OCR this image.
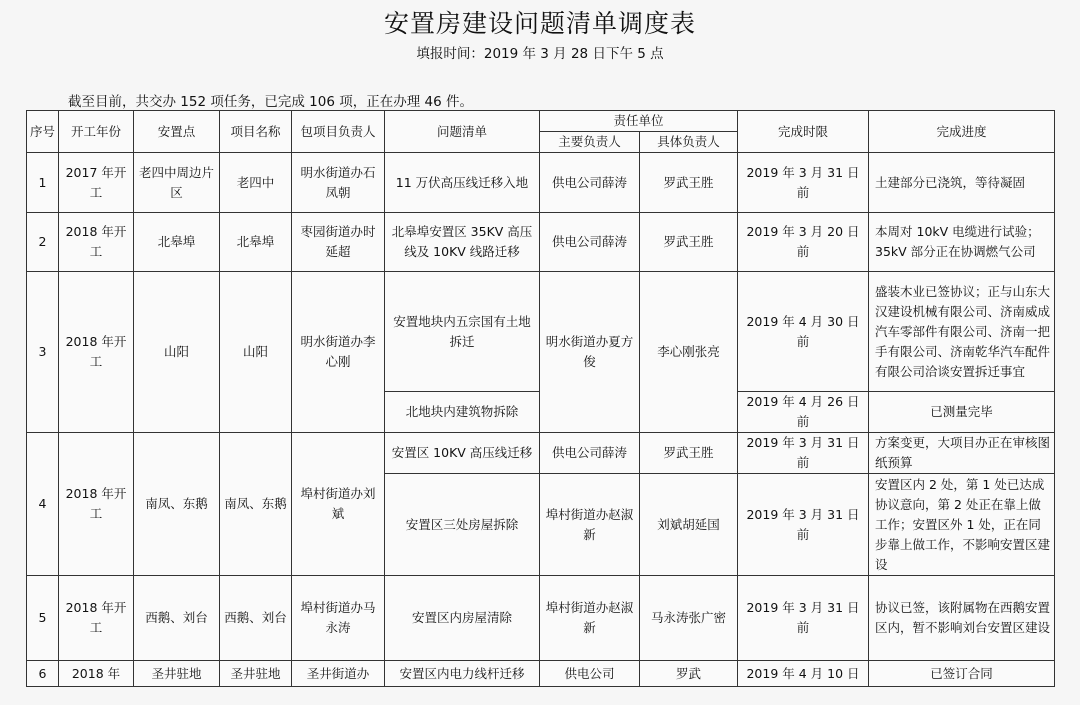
安置房建设问题清单调度表
填报时间：2019 年 3 月 28 日下午 5 点
截至目前，共交办 152 项任务，已完成 106 项，正在办理 46 件。
序号	开工年份	安置点	项目名称	包项目负责人	问题清单	责任单位		完成时限	完成进度
						主要负责人	具体负责人		
1	2017 年开工	老四中周边片区	老四中	明水街道办石凤朝	11 万伏高压线迁移入地	供电公司薛涛	罗武王胜	2019 年 3 月 31 日前	土建部分已浇筑，等待凝固
2	2018 年开工	北皋埠	北皋埠	枣园街道办时延超	北皋埠安置区 35KV 高压线及 10KV 线路迁移	供电公司薛涛	罗武王胜	2019 年 3 月 20 日前	本周对 10kV 电缆进行试验；35kV 部分正在协调燃气公司
3	2018 年开工	山阳	山阳	明水街道办李心刚	安置地块内五宗国有土地拆迁	明水街道办夏方俊	李心刚张亮	2019 年 4 月 30 日前	盛装木业已签协议；正与山东大汉建设机械有限公司、济南威成汽车零部件有限公司、济南一把手有限公司、济南乾华汽车配件有限公司洽谈安置拆迁事宜
					北地块内建筑物拆除			2019 年 4 月 26 日前	已测量完毕
4	2018 年开工	南凤、东鹅	南凤、东鹅	埠村街道办刘斌	安置区 10KV 高压线迁移	供电公司薛涛	罗武王胜	2019 年 3 月 31 日前	方案变更，大项目办正在审核图纸预算
					安置区三处房屋拆除	埠村街道办赵淑新	刘斌胡延国	2019 年 3 月 31 日前	安置区内 2 处，第 1 处已达成协议意向，第 2 处正在靠上做工作；安置区外 1 处，正在同步靠上做工作，不影响安置区建设
5	2018 年开工	西鹅、刘台	西鹅、刘台	埠村街道办马永涛	安置区内房屋清除	埠村街道办赵淑新	马永涛张广密	2019 年 3 月 31 日前	协议已签，该附属物在西鹅安置区内，暂不影响刘台安置区建设
6	2018 年	圣井驻地	圣井驻地	圣井街道办	安置区内电力线杆迁移	供电公司	罗武	2019 年 4 月 10 日	已签订合同
